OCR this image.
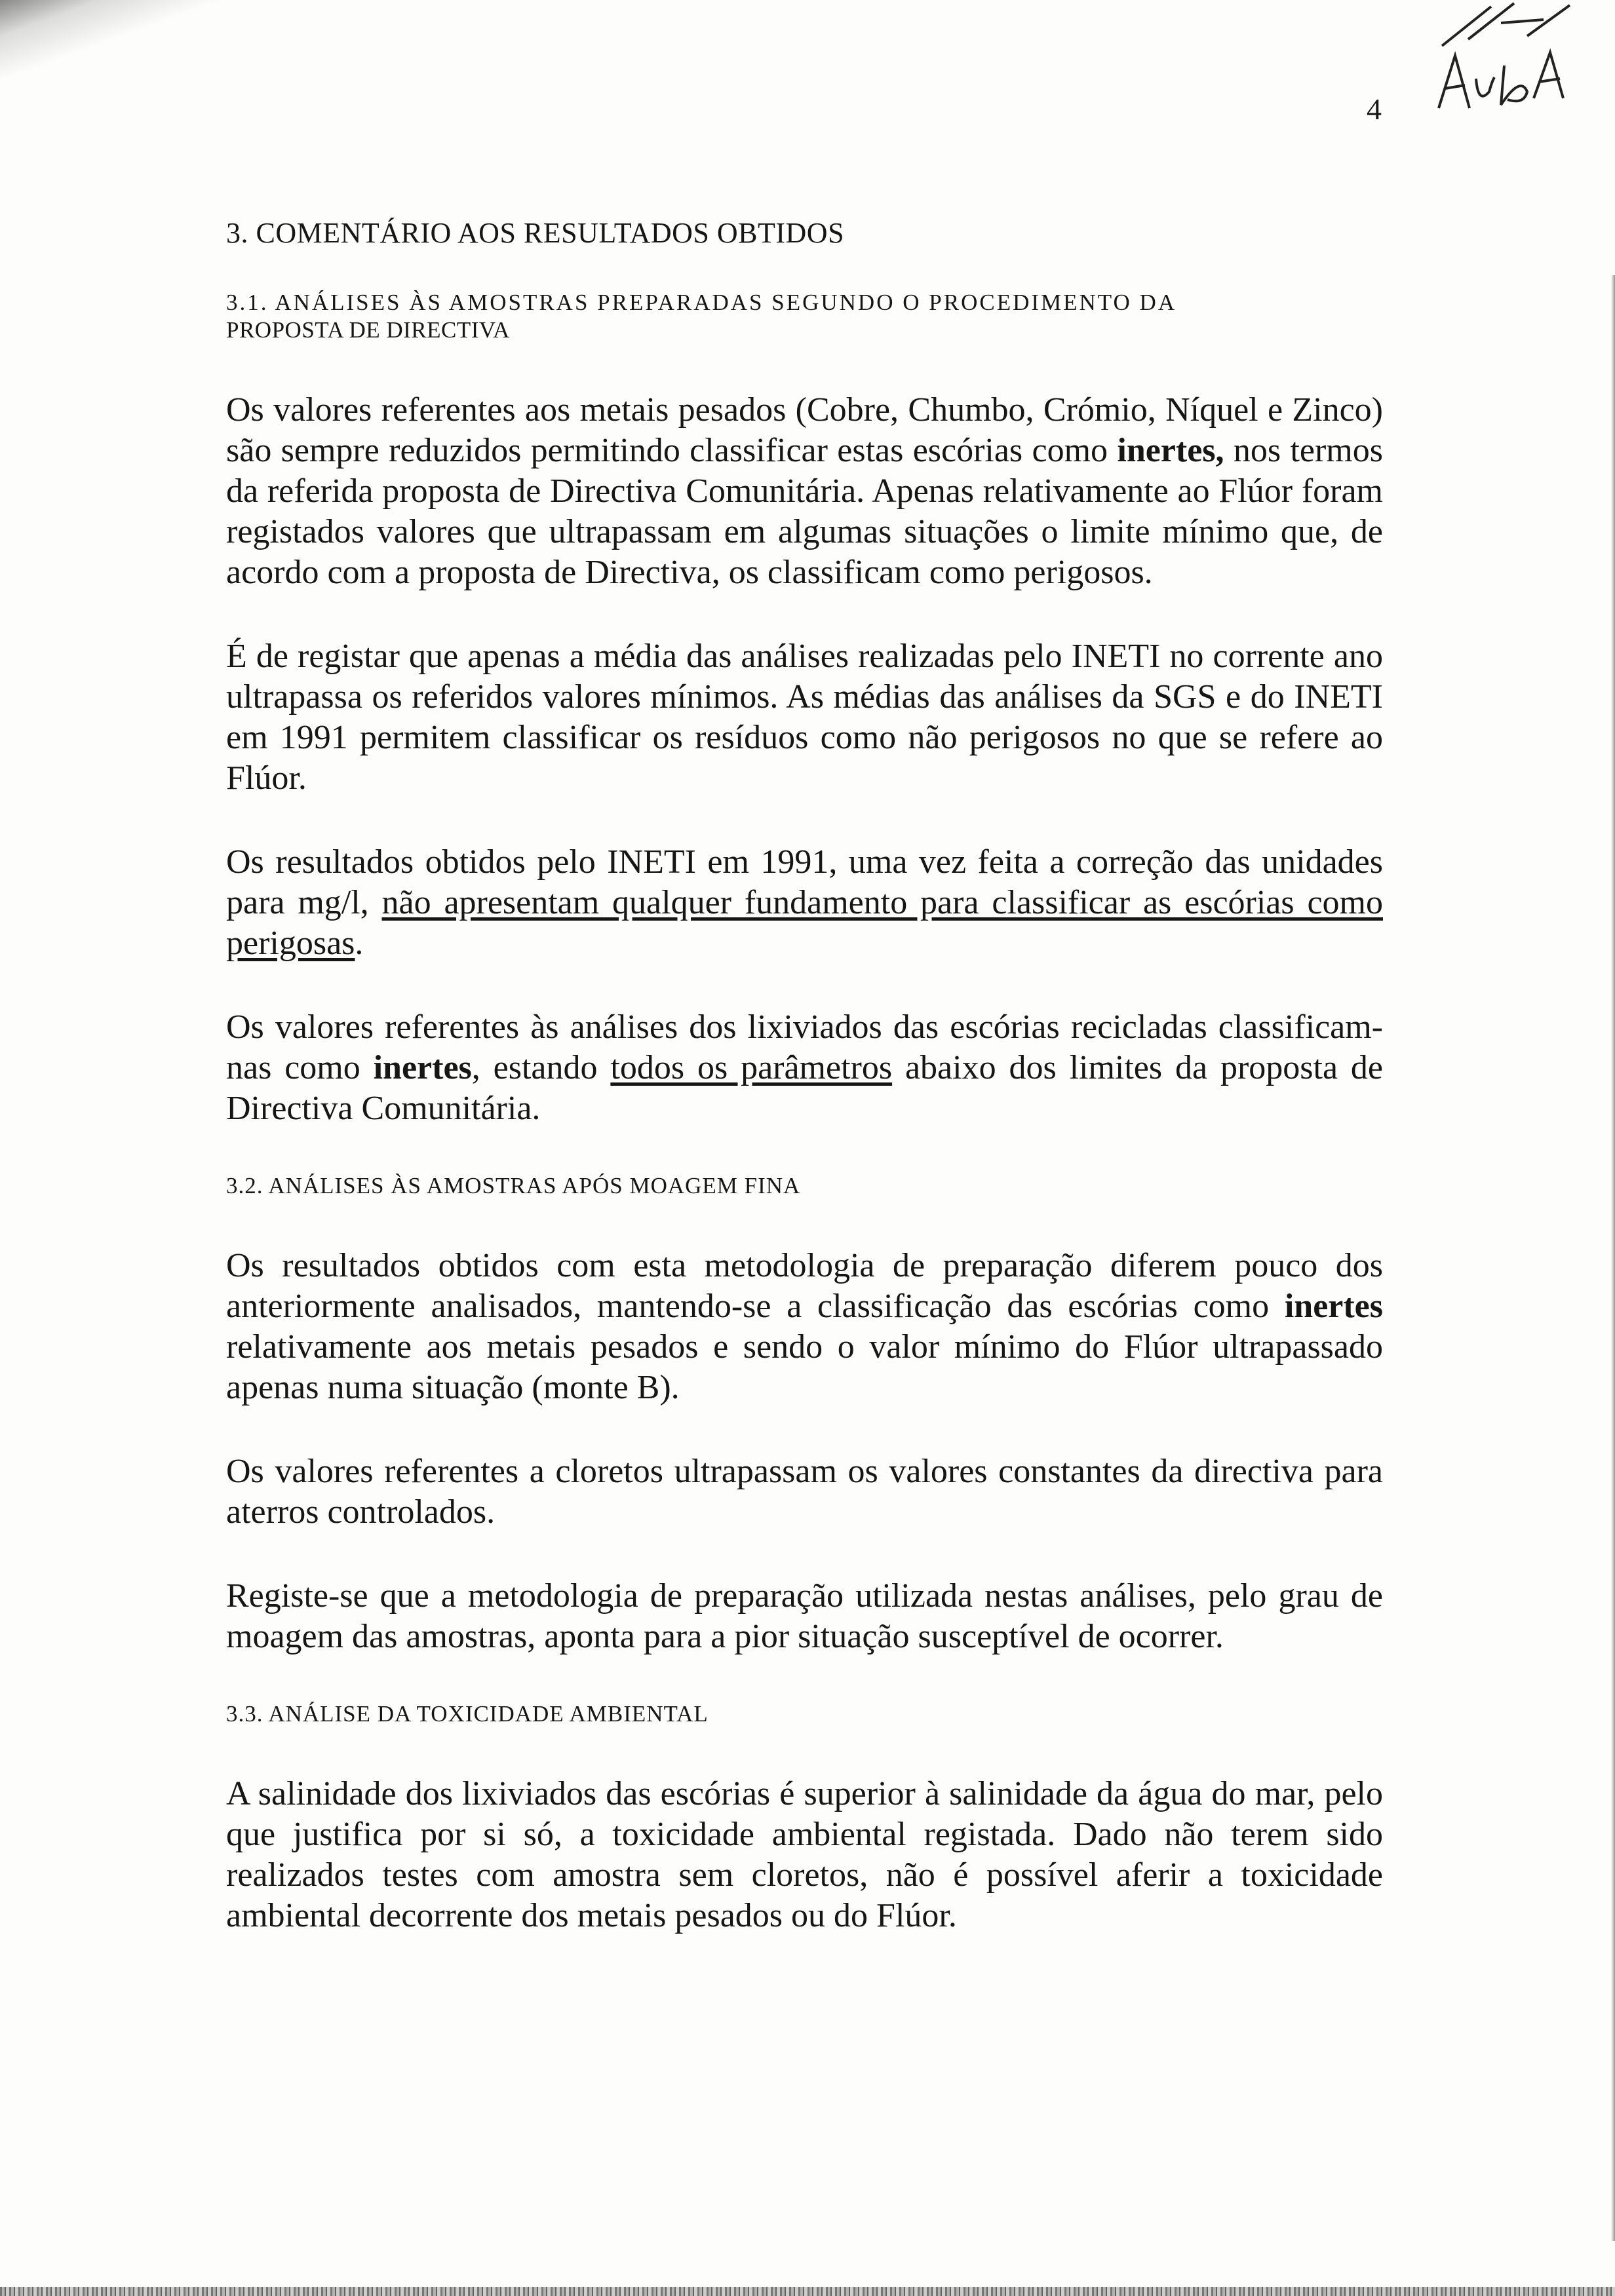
4
3. COMENTÁRIO AOS RESULTADOS OBTIDOS
3.1. ANÁLISES ÀS AMOSTRAS PREPARADAS SEGUNDO O PROCEDIMENTO DA
PROPOSTA DE DIRECTIVA

Os valores referentes aos metais pesados (Cobre, Chumbo, Crómio, Níquel e Zinco) são sempre reduzidos permitindo classificar estas escórias como inertes, nos termos da referida proposta de Directiva Comunitária. Apenas relativamente ao Flúor foram registados valores que ultrapassam em algumas situações o limite mínimo que, de acordo com a proposta de Directiva, os classificam como perigosos.

É de registar que apenas a média das análises realizadas pelo INETI no corrente ano ultrapassa os referidos valores mínimos. As médias das análises da SGS e do INETI em 1991 permitem classificar os resíduos como não perigosos no que se refere ao Flúor.

Os resultados obtidos pelo INETI em 1991, uma vez feita a correção das unidades para mg/l, não apresentam qualquer fundamento para classificar as escórias como perigosas.

Os valores referentes às análises dos lixiviados das escórias recicladas classificam-nas como inertes, estando todos os parâmetros abaixo dos limites da proposta de Directiva Comunitária.

3.2. ANÁLISES ÀS AMOSTRAS APÓS MOAGEM FINA

Os resultados obtidos com esta metodologia de preparação diferem pouco dos anteriormente analisados, mantendo-se a classificação das escórias como inertes relativamente aos metais pesados e sendo o valor mínimo do Flúor ultrapassado apenas numa situação (monte B).

Os valores referentes a cloretos ultrapassam os valores constantes da directiva para aterros controlados.

Registe-se que a metodologia de preparação utilizada nestas análises, pelo grau de moagem das amostras, aponta para a pior situação susceptível de ocorrer.

3.3. ANÁLISE DA TOXICIDADE AMBIENTAL

A salinidade dos lixiviados das escórias é superior à salinidade da água do mar, pelo que justifica por si só, a toxicidade ambiental registada. Dado não terem sido realizados testes com amostra sem cloretos, não é possível aferir a toxicidade ambiental decorrente dos metais pesados ou do Flúor.
